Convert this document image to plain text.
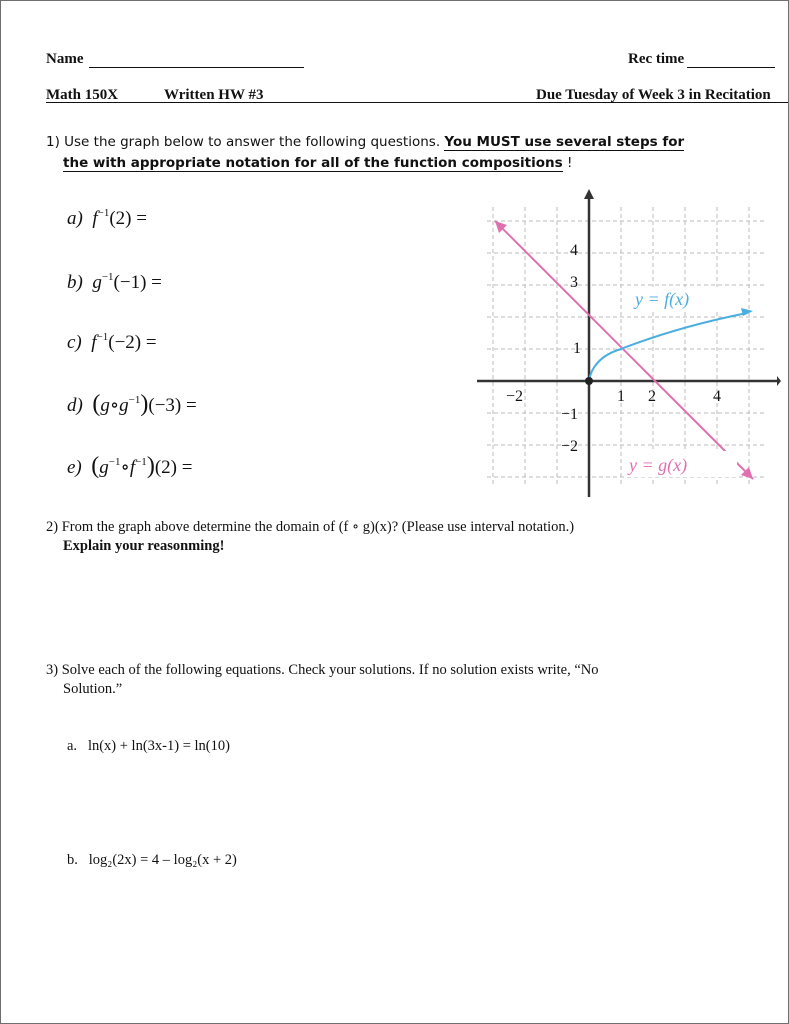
Name	Rec time
Math 150X	Written HW #3	Due Tuesday of Week 3 in Recitation
1) Use the graph below to answer the following questions. You MUST use several steps for
the with appropriate notation for all of the function compositions !
a) $f^{-1}(2)$ =
b) $g^{-1}(-1)$ =
c) $f^{-1}(-2)$ =
d) $(g\circ g^{-1})(-3)$ =
e) $(g^{-1}\circ f^{-1})(2)$ =
−2	1 2	4
4
3
1
−1
−2
y = f(x)
y = g(x)
2) From the graph above determine the domain of (f ∘ g)(x)? (Please use interval notation.)
Explain your reasonming!
3) Solve each of the following equations. Check your solutions. If no solution exists write, “No
Solution.”
a. ln(x) + ln(3x-1) = ln(10)
b. log₂(2x) = 4 – log₂(x + 2)
